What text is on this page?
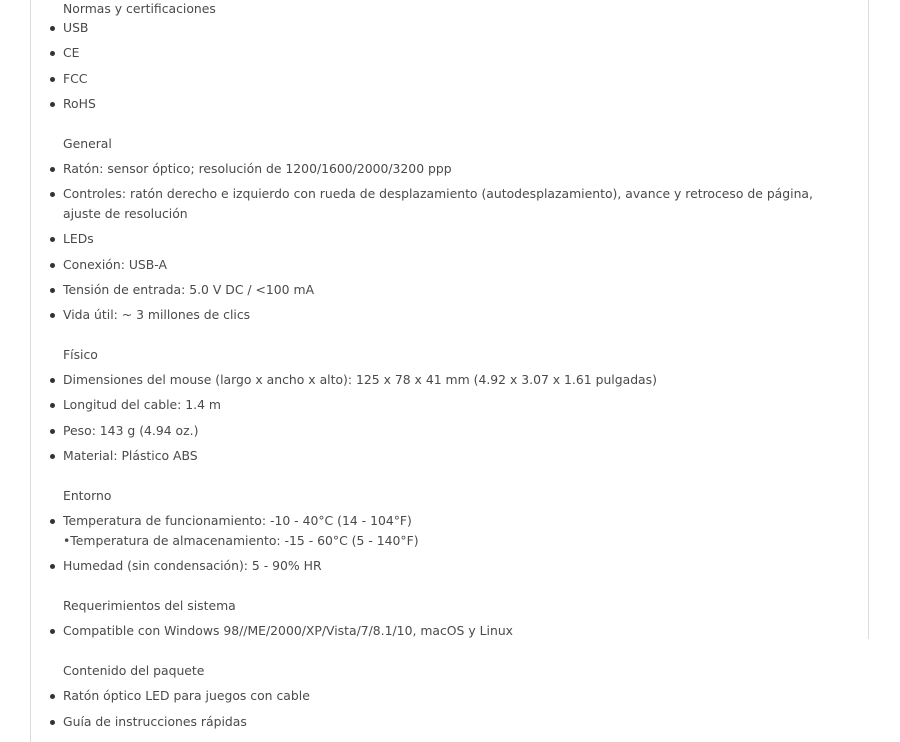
Normas y certificaciones
USB
CE
FCC
RoHS
General
Ratón: sensor óptico; resolución de 1200/1600/2000/3200 ppp
Controles: ratón derecho e izquierdo con rueda de desplazamiento (autodesplazamiento), avance y retroceso de página, ajuste de resolución
LEDs
Conexión: USB-A
Tensión de entrada: 5.0 V DC / <100 mA
Vida útil: ~ 3 millones de clics
Físico
Dimensiones del mouse (largo x ancho x alto): 125 x 78 x 41 mm (4.92 x 3.07 x 1.61 pulgadas)
Longitud del cable: 1.4 m
Peso: 143 g (4.94 oz.)
Material: Plástico ABS
Entorno
Temperatura de funcionamiento: -10 - 40°C (14 - 104°F)
•Temperatura de almacenamiento: -15 - 60°C (5 - 140°F)
Humedad (sin condensación): 5 - 90% HR
Requerimientos del sistema
Compatible con Windows 98//ME/2000/XP/Vista/7/8.1/10, macOS y Linux
Contenido del paquete
Ratón óptico LED para juegos con cable
Guía de instrucciones rápidas
